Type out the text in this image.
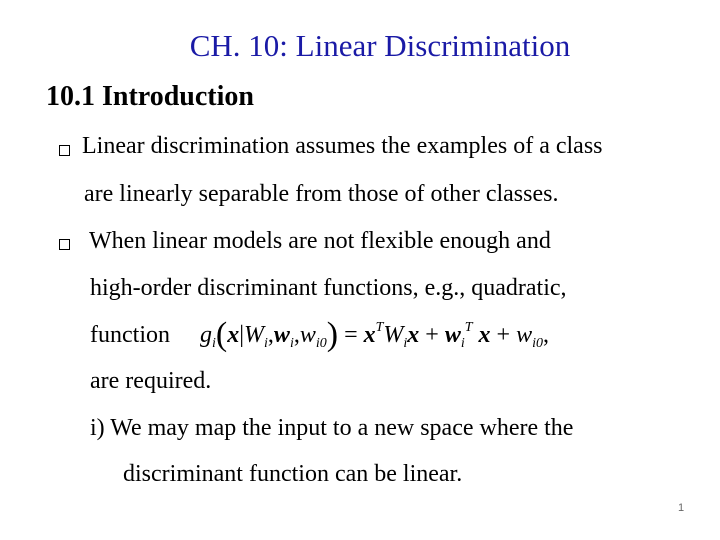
CH. 10: Linear Discrimination
10.1 Introduction
Linear discrimination assumes the examples of a class
are linearly separable from those of other classes.
When linear models are not flexible enough and
high-order discriminant functions, e.g., quadratic,
function $g_i(x|W_i,w_i,w_{i0}) = x^TW_ix + w_i^T$ $x + w_{i0}$,
are required.
i) We may map the input to a new space where the
discriminant function can be linear.
1
